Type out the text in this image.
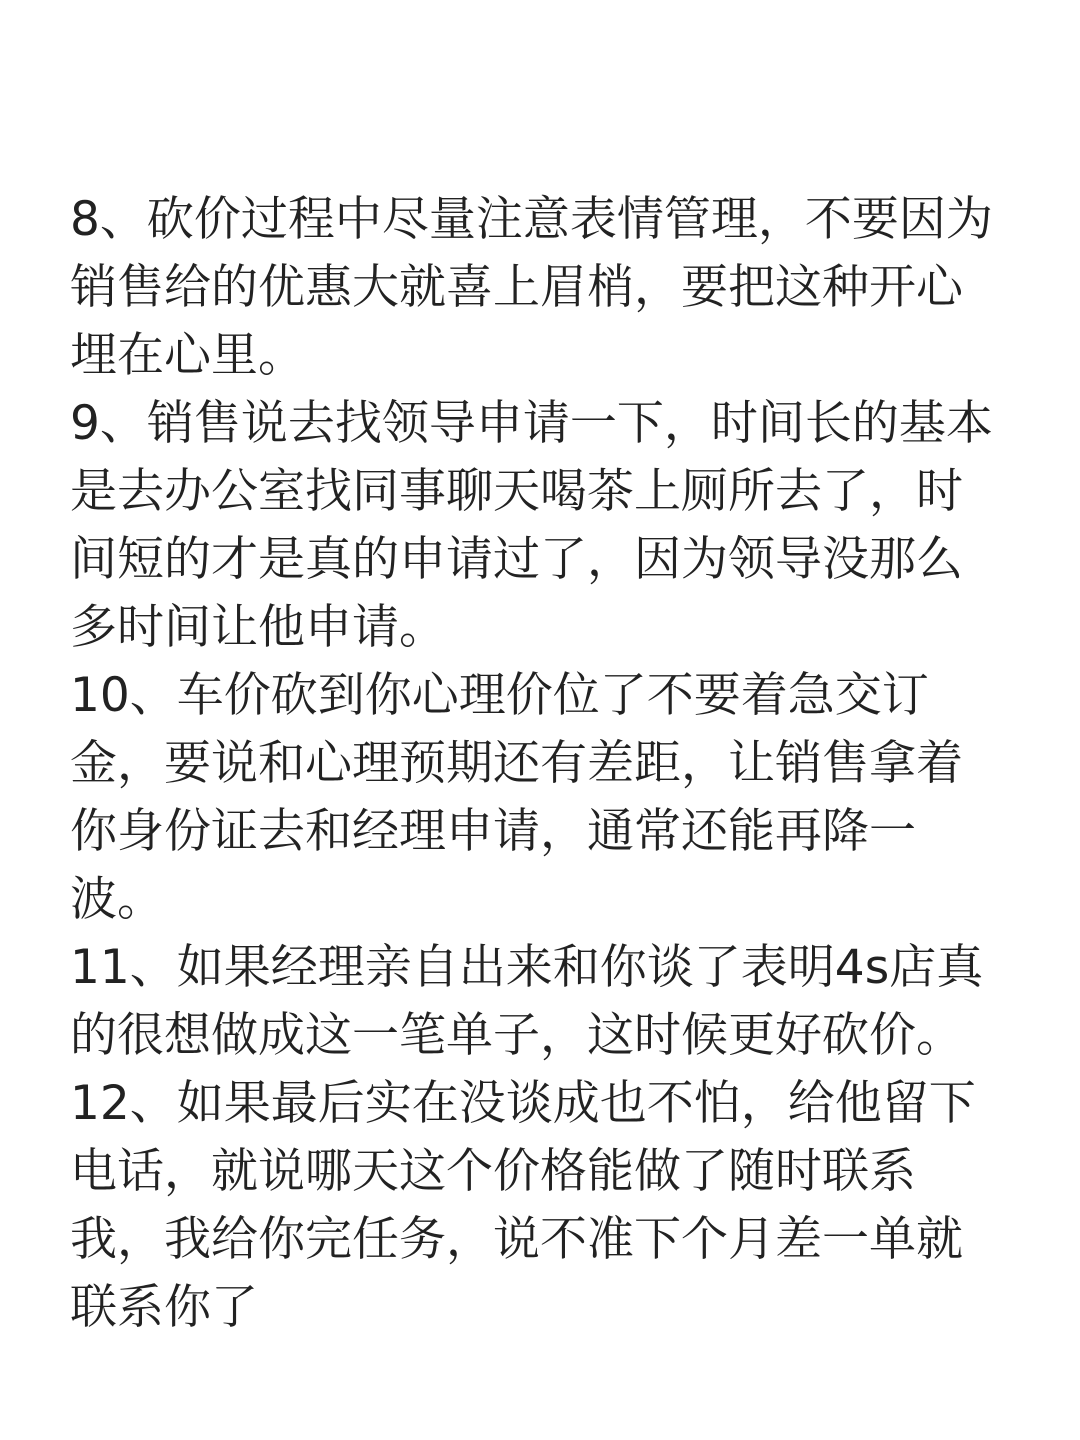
8、砍价过程中尽量注意表情管理，不要因为
销售给的优惠大就喜上眉梢，要把这种开心
埋在心里。
9、销售说去找领导申请一下，时间长的基本
是去办公室找同事聊天喝茶上厕所去了，时
间短的才是真的申请过了，因为领导没那么
多时间让他申请。
10、车价砍到你心理价位了不要着急交订
金，要说和心理预期还有差距，让销售拿着
你身份证去和经理申请，通常还能再降一
波。
11、如果经理亲自出来和你谈了表明4s店真
的很想做成这一笔单子，这时候更好砍价。
12、如果最后实在没谈成也不怕，给他留下
电话，就说哪天这个价格能做了随时联系
我，我给你完任务，说不准下个月差一单就
联系你了
